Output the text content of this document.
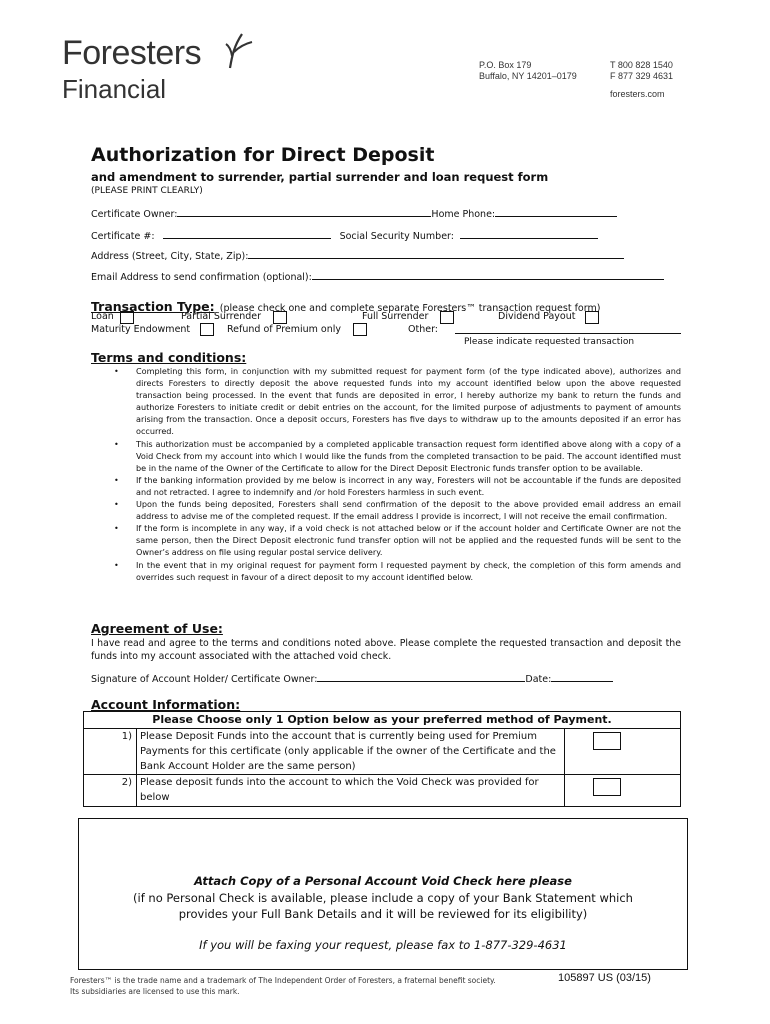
Foresters
Financial
P.O. Box 179
Buffalo, NY 14201–0179
T 800 828 1540
F 877 329 4631
foresters.com
Authorization for Direct Deposit
and amendment to surrender, partial surrender and loan request form
(PLEASE PRINT CLEARLY)
Certificate Owner:	Home Phone:
Certificate #:	Social Security Number:
Address (Street, City, State, Zip):
Email Address to send confirmation (optional):
Transaction Type: (please check one and complete separate Foresters™ transaction request form)
Loan	Partial Surrender	Full Surrender	Dividend Payout
Maturity Endowment	Refund of Premium only	Other:
Please indicate requested transaction
Terms and conditions:
• Completing this form, in conjunction with my submitted request for payment form (of the type indicated above), authorizes and directs Foresters to directly deposit the above requested funds into my account identified below upon the above requested transaction being processed. In the event that funds are deposited in error, I hereby authorize my bank to return the funds and authorize Foresters to initiate credit or debit entries on the account, for the limited purpose of adjustments to payment of amounts arising from the transaction. Once a deposit occurs, Foresters has five days to withdraw up to the amounts deposited if an error has occurred.
• This authorization must be accompanied by a completed applicable transaction request form identified above along with a copy of a Void Check from my account into which I would like the funds from the completed transaction to be paid. The account identified must be in the name of the Owner of the Certificate to allow for the Direct Deposit Electronic funds transfer option to be available.
• If the banking information provided by me below is incorrect in any way, Foresters will not be accountable if the funds are deposited and not retracted. I agree to indemnify and /or hold Foresters harmless in such event.
• Upon the funds being deposited, Foresters shall send confirmation of the deposit to the above provided email address an email address to advise me of the completed request. If the email address I provide is incorrect, I will not receive the email confirmation.
• If the form is incomplete in any way, if a void check is not attached below or if the account holder and Certificate Owner are not the same person, then the Direct Deposit electronic fund transfer option will not be applied and the requested funds will be sent to the Owner’s address on file using regular postal service delivery.
• In the event that in my original request for payment form I requested payment by check, the completion of this form amends and overrides such request in favour of a direct deposit to my account identified below.
Agreement of Use:
I have read and agree to the terms and conditions noted above. Please complete the requested transaction and deposit the funds into my account associated with the attached void check.
Signature of Account Holder/ Certificate Owner:	Date:
Account Information:
Please Choose only 1 Option below as your preferred method of Payment.		
1)	Please Deposit Funds into the account that is currently being used for Premium Payments for this certificate (only applicable if the owner of the Certificate and the Bank Account Holder are the same person)	

2)	Please deposit funds into the account to which the Void Check was provided for below	
Attach Copy of a Personal Account Void Check here please
(if no Personal Check is available, please include a copy of your Bank Statement which provides your Full Bank Details and it will be reviewed for its eligibility)
If you will be faxing your request, please fax to 1-877-329-4631
Foresters™ is the trade name and a trademark of The Independent Order of Foresters, a fraternal benefit society.
Its subsidiaries are licensed to use this mark.
105897 US (03/15)
